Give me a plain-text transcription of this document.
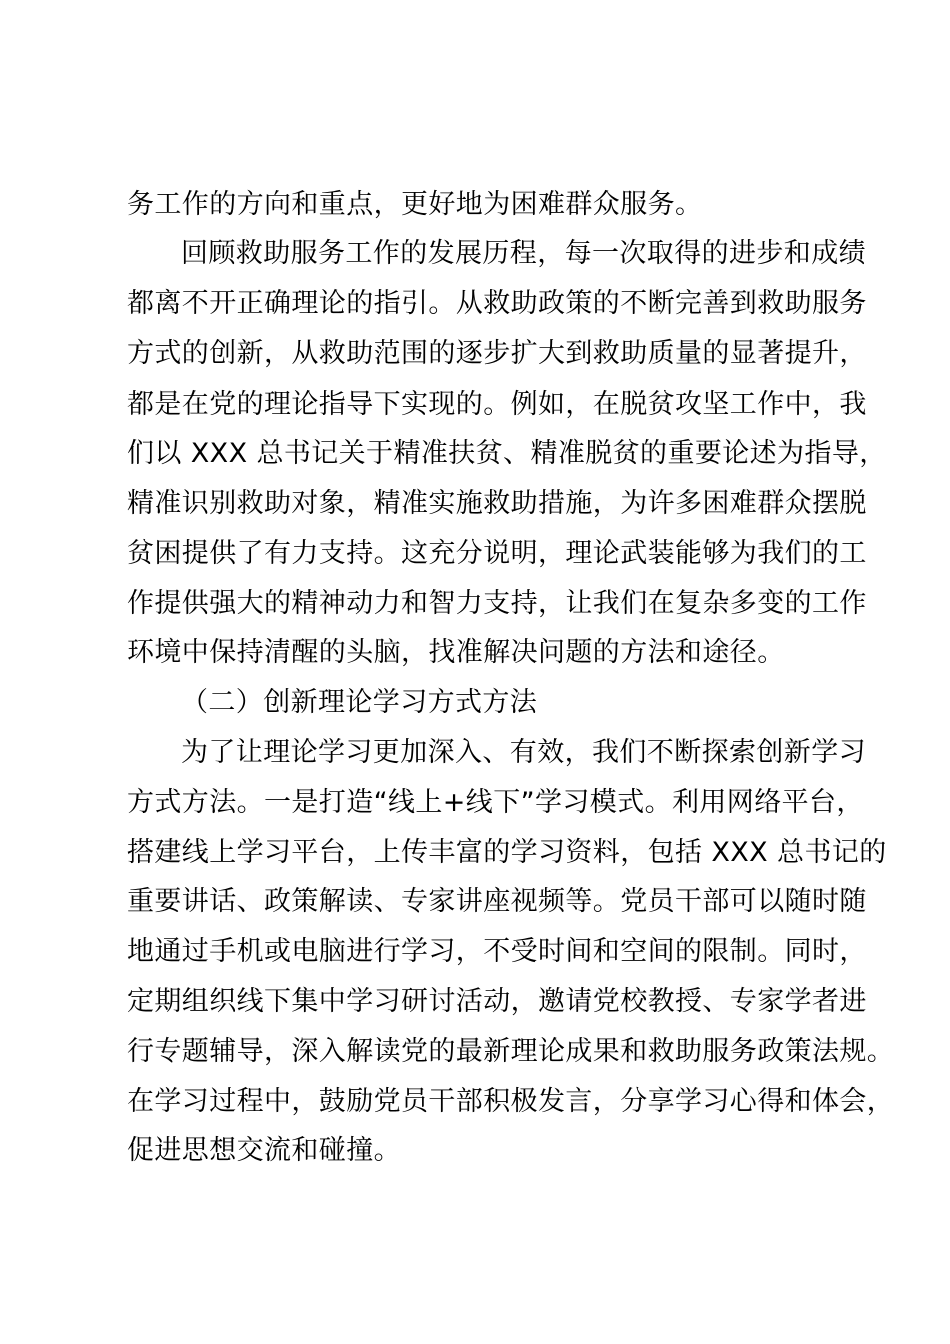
务工作的方向和重点，更好地为困难群众服务。
回顾救助服务工作的发展历程，每一次取得的进步和成绩
都离不开正确理论的指引。从救助政策的不断完善到救助服务
方式的创新，从救助范围的逐步扩大到救助质量的显著提升，
都是在党的理论指导下实现的。例如，在脱贫攻坚工作中，我
们以 XXX 总书记关于精准扶贫、精准脱贫的重要论述为指导，
精准识别救助对象，精准实施救助措施，为许多困难群众摆脱
贫困提供了有力支持。这充分说明，理论武装能够为我们的工
作提供强大的精神动力和智力支持，让我们在复杂多变的工作
环境中保持清醒的头脑，找准解决问题的方法和途径。
（二）创新理论学习方式方法
为了让理论学习更加深入、有效，我们不断探索创新学习
方式方法。一是打造“线上+线下”学习模式。利用网络平台，
搭建线上学习平台，上传丰富的学习资料，包括 XXX 总书记的
重要讲话、政策解读、专家讲座视频等。党员干部可以随时随
地通过手机或电脑进行学习，不受时间和空间的限制。同时，
定期组织线下集中学习研讨活动，邀请党校教授、专家学者进
行专题辅导，深入解读党的最新理论成果和救助服务政策法规。
在学习过程中，鼓励党员干部积极发言，分享学习心得和体会，
促进思想交流和碰撞。
